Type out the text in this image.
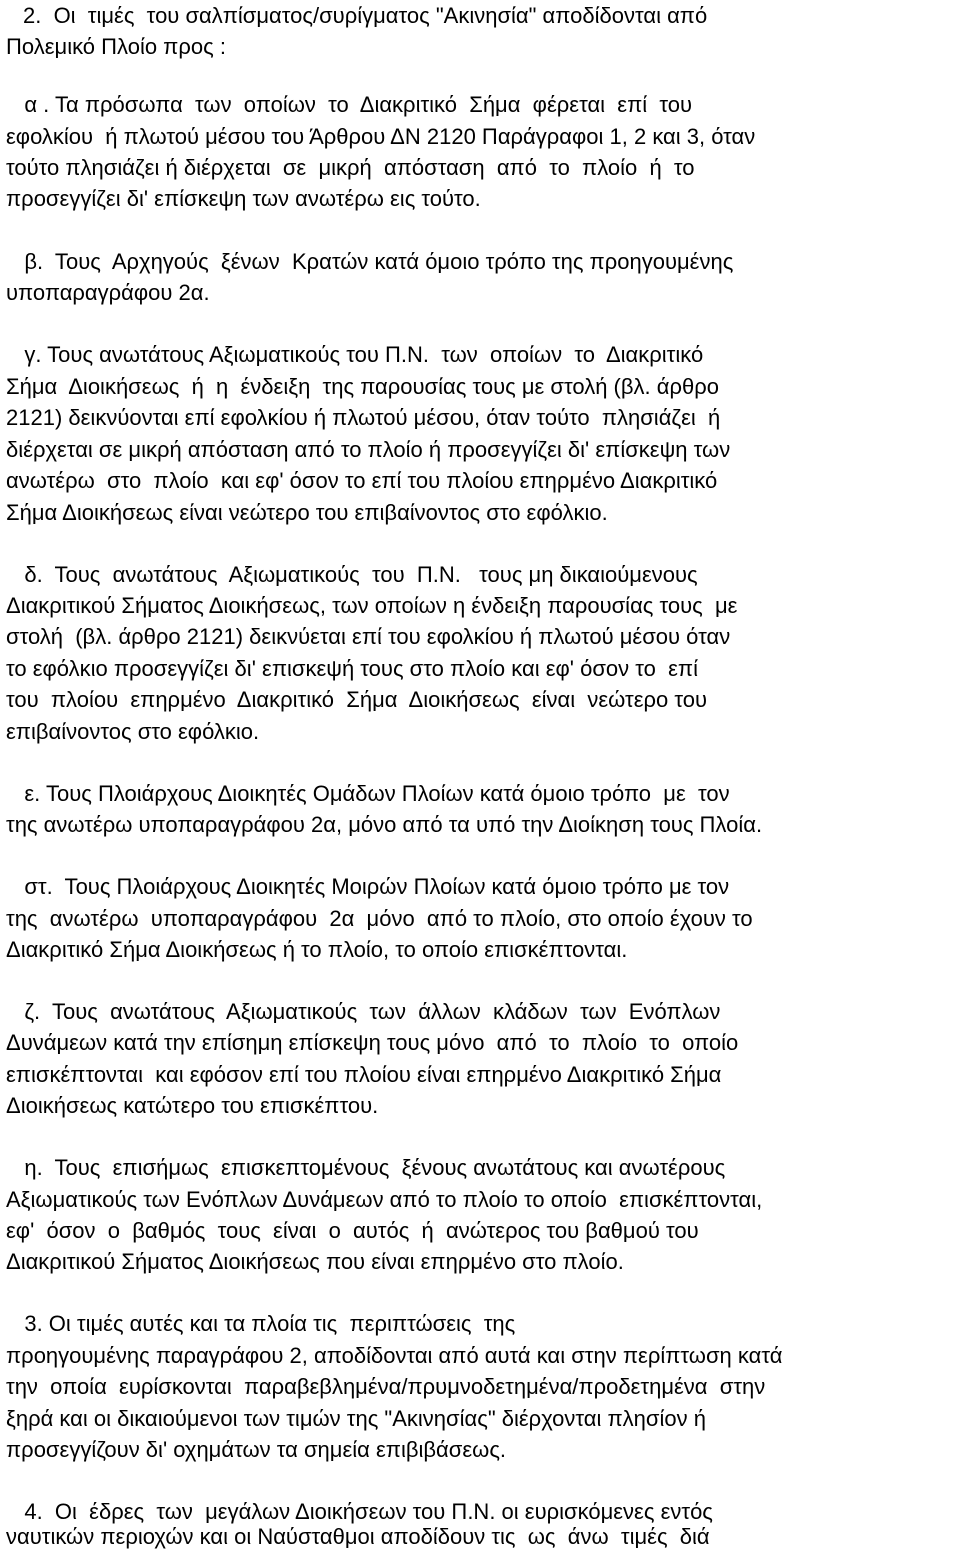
2.  Οι  τιμές  του σαλπίσματος/συρίγματος "Ακινησία" αποδίδονται από
Πολεμικό Πλοίο προς :
α . Τα πρόσωπα  των  οποίων  το  Διακριτικό  Σήμα  φέρεται  επί  του
εφολκίου  ή πλωτού μέσου του Άρθρου ΔΝ 2120 Παράγραφοι 1, 2 και 3, όταν
τούτο πλησιάζει ή διέρχεται  σε  μικρή  απόσταση  από  το  πλοίο  ή  το
προσεγγίζει δι' επίσκεψη των ανωτέρω εις τούτο.
β.  Τους  Αρχηγούς  ξένων  Κρατών κατά όμοιο τρόπο της προηγουμένης
υποπαραγράφου 2α.
γ. Τους ανωτάτους Αξιωματικούς του Π.Ν.  των  οποίων  το  Διακριτικό
Σήμα  Διοικήσεως  ή  η  ένδειξη  της παρουσίας τους με στολή (βλ. άρθρο
2121) δεικνύονται επί εφολκίου ή πλωτού μέσου, όταν τούτο  πλησιάζει  ή
διέρχεται σε μικρή απόσταση από το πλοίο ή προσεγγίζει δι' επίσκεψη των
ανωτέρω  στο  πλοίο  και εφ' όσον το επί του πλοίου επηρμένο Διακριτικό
Σήμα Διοικήσεως είναι νεώτερο του επιβαίνοντος στο εφόλκιο.
δ.  Τους  ανωτάτους  Αξιωματικούς  του  Π.Ν.   τους μη δικαιούμενους
Διακριτικού Σήματος Διοικήσεως, των οποίων η ένδειξη παρουσίας τους  με
στολή  (βλ. άρθρο 2121) δεικνύεται επί του εφολκίου ή πλωτού μέσου όταν
το εφόλκιο προσεγγίζει δι' επισκεψή τους στο πλοίο και εφ' όσον το  επί
του  πλοίου  επηρμένο  Διακριτικό  Σήμα  Διοικήσεως  είναι  νεώτερο του
επιβαίνοντος στο εφόλκιο.
ε. Τους Πλοιάρχους Διοικητές Ομάδων Πλοίων κατά όμοιο τρόπο  με  τον
της ανωτέρω υποπαραγράφου 2α, μόνο από τα υπό την Διοίκηση τους Πλοία.
στ.  Τους Πλοιάρχους Διοικητές Μοιρών Πλοίων κατά όμοιο τρόπο με τον
της  ανωτέρω  υποπαραγράφου  2α  μόνο  από το πλοίο, στο οποίο έχουν το
Διακριτικό Σήμα Διοικήσεως ή το πλοίο, το οποίο επισκέπτονται.
ζ.  Τους  ανωτάτους  Αξιωματικούς  των  άλλων  κλάδων  των  Ενόπλων
Δυνάμεων κατά την επίσημη επίσκεψη τους μόνο  από  το  πλοίο  το  οποίο
επισκέπτονται  και εφόσον επί του πλοίου είναι επηρμένο Διακριτικό Σήμα
Διοικήσεως κατώτερο του επισκέπτου.
η.  Τους  επισήμως  επισκεπτομένους  ξένους ανωτάτους και ανωτέρους
Αξιωματικούς των Ενόπλων Δυνάμεων από το πλοίο το οποίο  επισκέπτονται,
εφ'  όσον  ο  βαθμός  τους  είναι  ο  αυτός  ή  ανώτερος του βαθμού του
Διακριτικού Σήματος Διοικήσεως που είναι επηρμένο στο πλοίο.
3. Οι τιμές αυτές και τα πλοία τις  περιπτώσεις  της
προηγουμένης παραγράφου 2, αποδίδονται από αυτά και στην περίπτωση κατά
την  οποία  ευρίσκονται  παραβεβλημένα/πρυμνοδετημένα/προδετημένα  στην
ξηρά και οι δικαιούμενοι των τιμών της "Ακινησίας" διέρχονται πλησίον ή
προσεγγίζουν δι' οχημάτων τα σημεία επιβιβάσεως.
4.  Οι  έδρες  των  μεγάλων Διοικήσεων του Π.Ν. οι ευρισκόμενες εντός
ναυτικών περιοχών και οι Ναύσταθμοι αποδίδουν τις  ως  άνω  τιμές  διά
